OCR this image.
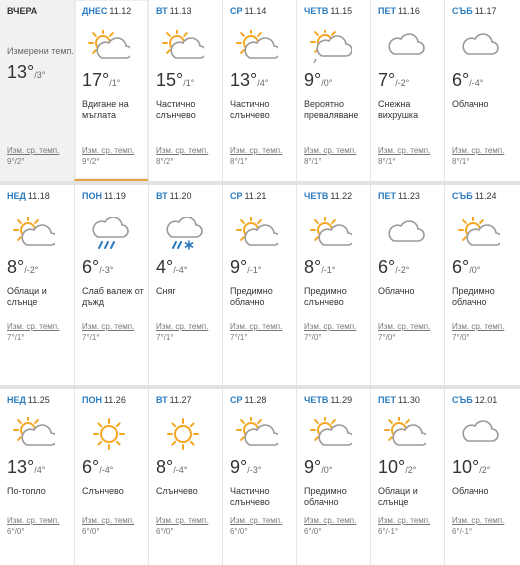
ВЧЕРА
Измерени темп.
13°/3°
Изм. ср. темп.
9°/2°
ДНЕС 11.12
17°/1°
Вдигане на мъглата
Изм. ср. темп.
9°/2°
ВТ 11.13
15°/1°
Частично слънчево
Изм. ср. темп.
8°/2°
СР 11.14
13°/4°
Частично слънчево
Изм. ср. темп.
8°/1°
ЧЕТВ 11.15
9°/0°
Вероятно преваляване
Изм. ср. темп.
8°/1°
ПЕТ 11.16
7°/-2°
Снежна вихрушка
Изм. ср. темп.
8°/1°
СЪБ 11.17
6°/-4°
Облачно
Изм. ср. темп.
8°/1°
НЕД 11.18
8°/-2°
Облаци и слънце
Изм. ср. темп.
7°/1°
ПОН 11.19
6°/-3°
Слаб валеж от дъжд
Изм. ср. темп.
7°/1°
ВТ 11.20
4°/-4°
Сняг
Изм. ср. темп.
7°/1°
СР 11.21
9°/-1°
Предимно облачно
Изм. ср. темп.
7°/1°
ЧЕТВ 11.22
8°/-1°
Предимно слънчево
Изм. ср. темп.
7°/0°
ПЕТ 11.23
6°/-2°
Облачно
Изм. ср. темп.
7°/0°
СЪБ 11.24
6°/0°
Предимно облачно
Изм. ср. темп.
7°/0°
НЕД 11.25
13°/4°
По-топло
Изм. ср. темп.
6°/0°
ПОН 11.26
6°/-4°
Слънчево
Изм. ср. темп.
6°/0°
ВТ 11.27
8°/-4°
Слънчево
Изм. ср. темп.
6°/0°
СР 11.28
9°/-3°
Частично слънчево
Изм. ср. темп.
6°/0°
ЧЕТВ 11.29
9°/0°
Предимно облачно
Изм. ср. темп.
6°/0°
ПЕТ 11.30
10°/2°
Облаци и слънце
Изм. ср. темп.
6°/-1°
СЪБ 12.01
10°/2°
Облачно
Изм. ср. темп.
6°/-1°
